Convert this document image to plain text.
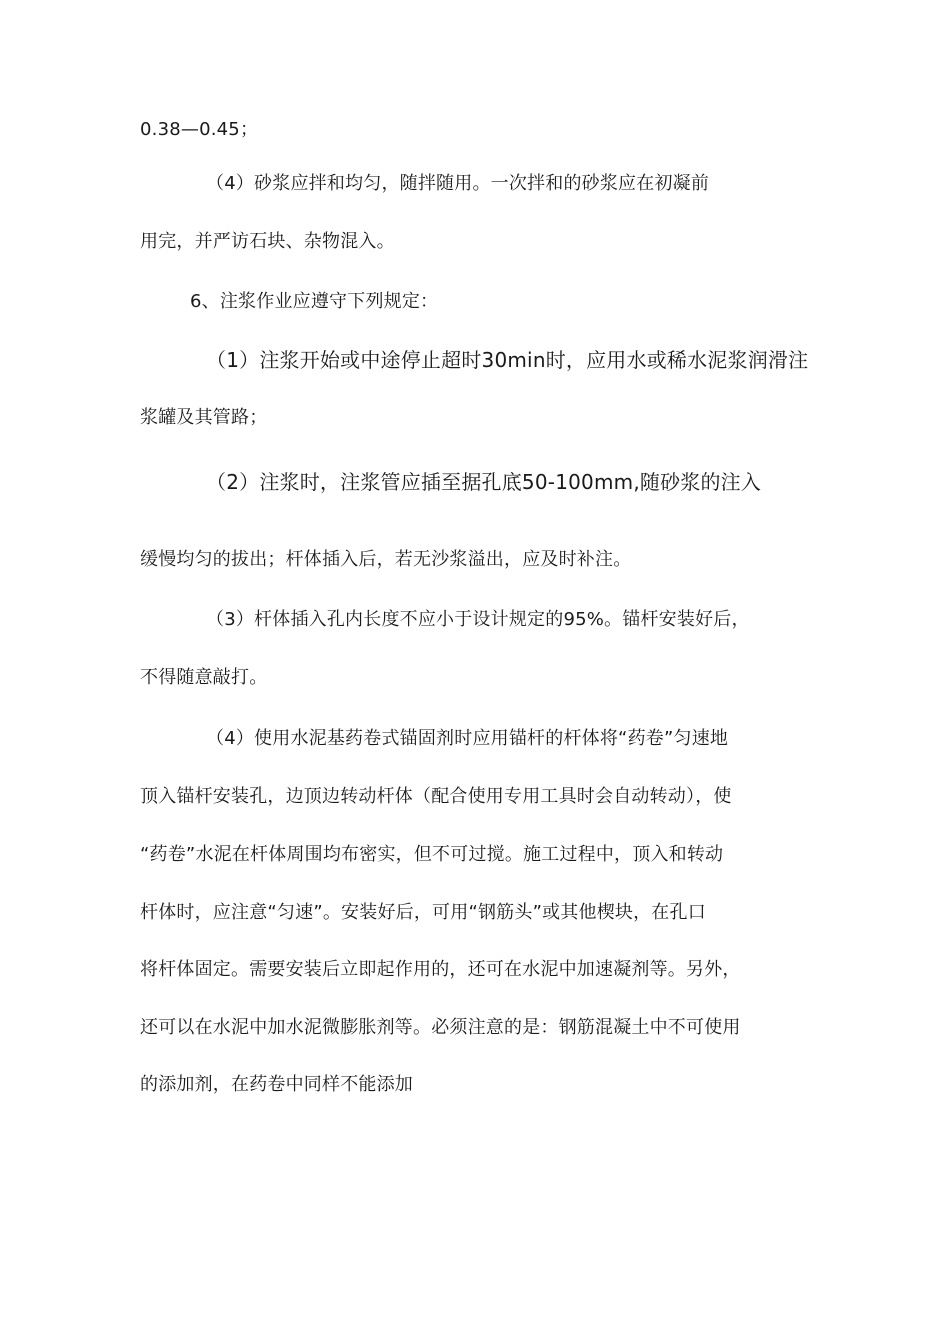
0.38—0.45；
（4）砂浆应拌和均匀，随拌随用。一次拌和的砂浆应在初凝前
用完，并严访石块、杂物混入。
6、注浆作业应遵守下列规定：
（1）注浆开始或中途停止超时30min时，应用水或稀水泥浆润滑注
浆罐及其管路；
（2）注浆时，注浆管应插至据孔底50-100mm,随砂浆的注入
缓慢均匀的拔出；杆体插入后，若无沙浆溢出，应及时补注。
（3）杆体插入孔内长度不应小于设计规定的95%。锚杆安装好后，
不得随意敲打。
（4）使用水泥基药卷式锚固剂时应用锚杆的杆体将“药卷”匀速地
顶入锚杆安装孔，边顶边转动杆体（配合使用专用工具时会自动转动），使
“药卷”水泥在杆体周围均布密实，但不可过搅。施工过程中，顶入和转动
杆体时，应注意“匀速”。安装好后，可用“钢筋头”或其他楔块，在孔口
将杆体固定。需要安装后立即起作用的，还可在水泥中加速凝剂等。另外，
还可以在水泥中加水泥微膨胀剂等。必须注意的是：钢筋混凝土中不可使用
的添加剂，在药卷中同样不能添加
